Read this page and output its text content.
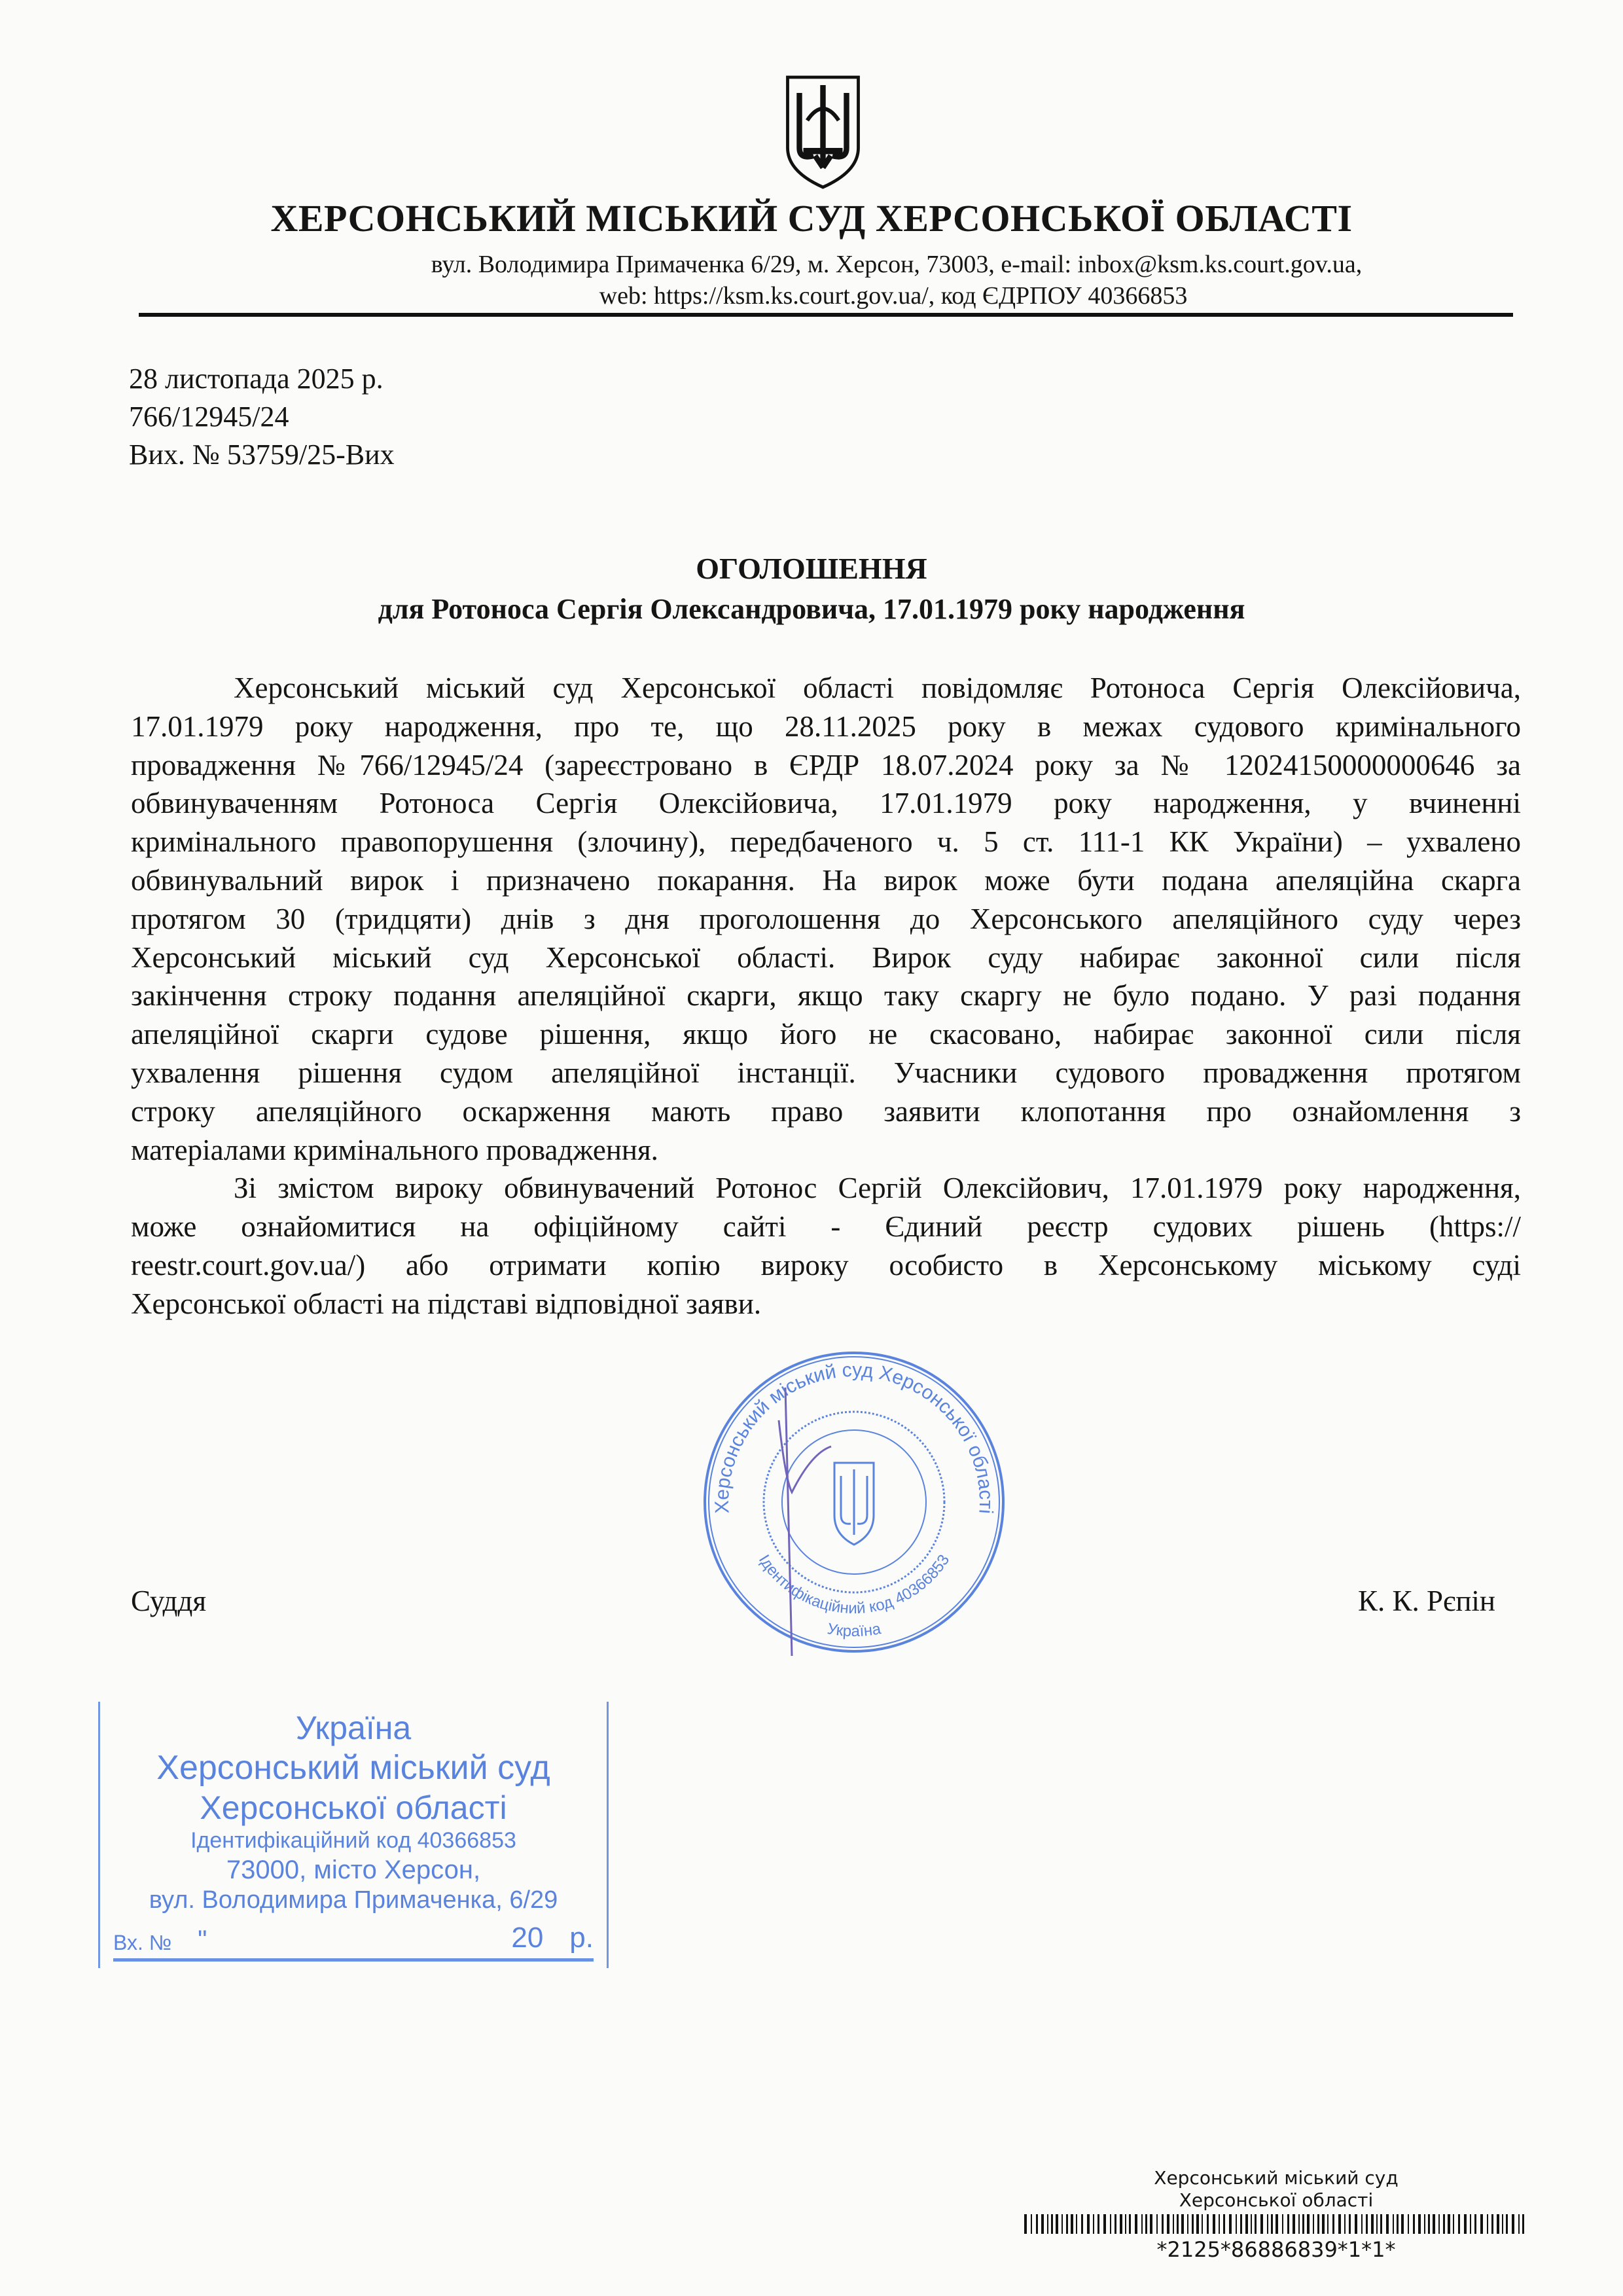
ХЕРСОНСЬКИЙ МІСЬКИЙ СУД ХЕРСОНСЬКОЇ ОБЛАСТІ
вул. Володимира Примаченка 6/29, м. Херсон, 73003, e-mail: inbox@ksm.ks.court.gov.ua,
web: https://ksm.ks.court.gov.ua/, код ЄДРПОУ 40366853
28 листопада 2025 р.
766/12945/24
Вих. № 53759/25-Вих
ОГОЛОШЕННЯ
для Ротоноса Сергія Олександровича, 17.01.1979 року народження
Херсонський міський суд Херсонської області повідомляє Ротоноса Сергія Олексійовича,
17.01.1979 року народження, про те, що 28.11.2025 року в межах судового кримінального
провадження №766/12945/24 (зареєстровано в ЄРДР 18.07.2024 року за № 12024150000000646 за
обвинуваченням Ротоноса Сергія Олексійовича, 17.01.1979 року народження, у вчиненні
кримінального правопорушення (злочину), передбаченого ч. 5 ст. 111-1 КК України) – ухвалено
обвинувальний вирок і призначено покарання. На вирок може бути подана апеляційна скарга
протягом 30 (тридцяти) днів з дня проголошення до Херсонського апеляційного суду через
Херсонський міський суд Херсонської області. Вирок суду набирає законної сили після
закінчення строку подання апеляційної скарги, якщо таку скаргу не було подано. У разі подання
апеляційної скарги судове рішення, якщо його не скасовано, набирає законної сили після
ухвалення рішення судом апеляційної інстанції. Учасники судового провадження протягом
строку апеляційного оскарження мають право заявити клопотання про ознайомлення з
матеріалами кримінального провадження.
Зі змістом вироку обвинувачений Ротонос Сергій Олексійович, 17.01.1979 року народження,
може ознайомитися на офіційному сайті - Єдиний реєстр судових рішень (https://
reestr.court.gov.ua/) або отримати копію вироку особисто в Херсонському міському суді
Херсонської області на підставі відповідної заяви.
Херсонський міський суд Херсонської області
Ідентифікаційний код 40366853
Україна
Суддя	К. К. Рєпін
Україна
Херсонський міський суд
Херсонської області
Ідентифікаційний код 40366853
73000, місто Херсон,
вул. Володимира Примаченка, 6/29
Вх. № "	20 р.
Херсонський міський суд
Херсонської області
*2125*86886839*1*1*
